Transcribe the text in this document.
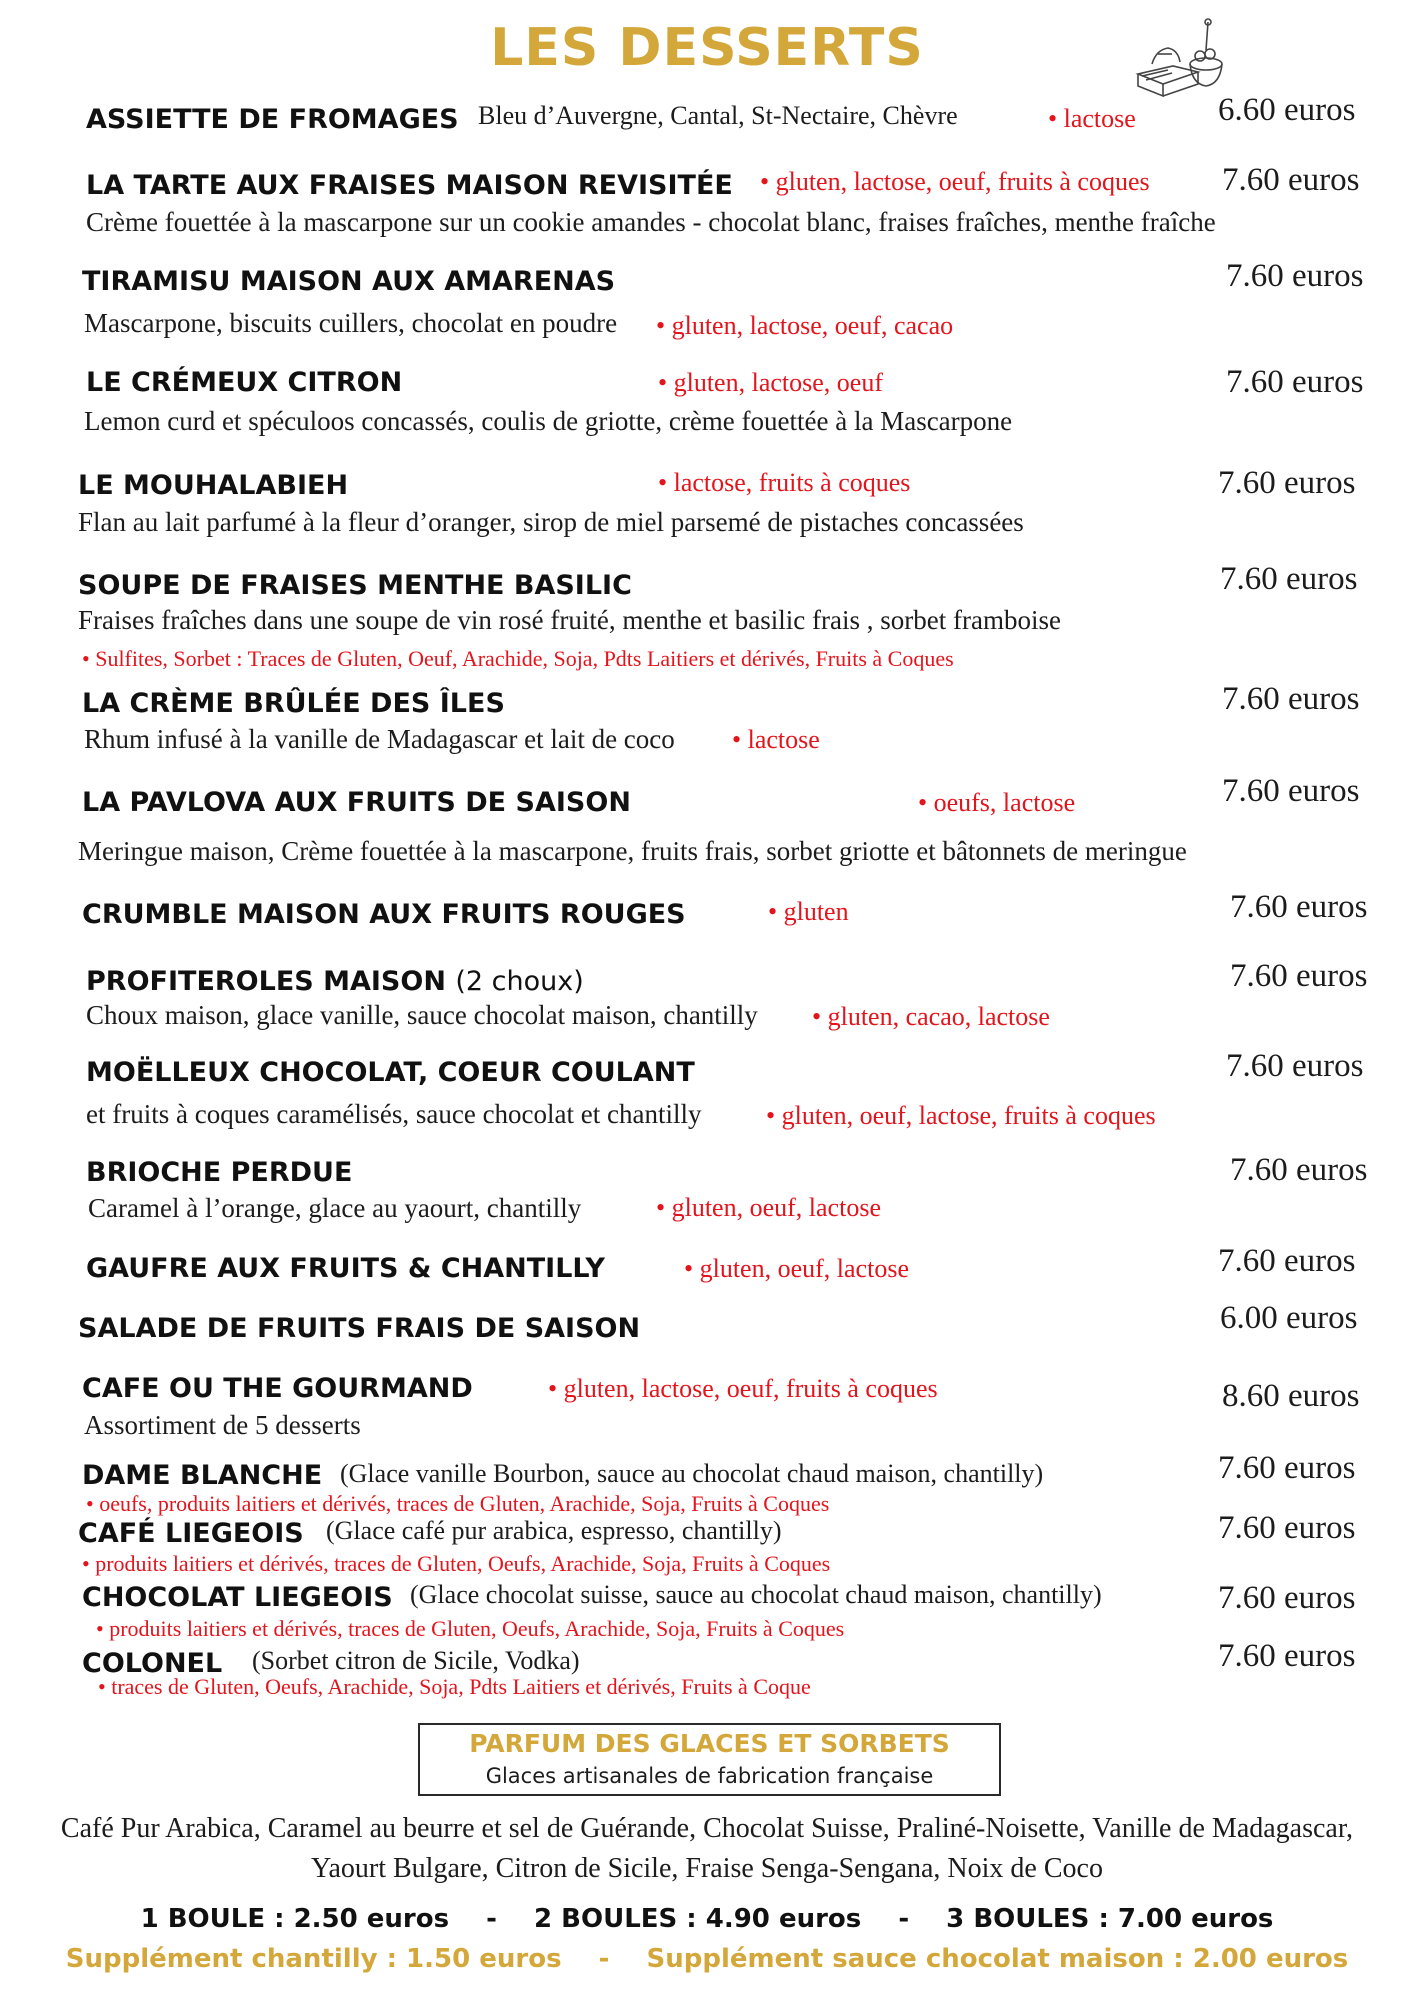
LES DESSERTS
ASSIETTE DE FROMAGES Bleu d’Auvergne, Cantal, St-Nectaire, Chèvre	• lactose 6.60 euros
LA TARTE AUX FRAISES MAISON REVISITÉE	• gluten, lactose, oeuf, fruits à coques 7.60 euros
Crème fouettée à la mascarpone sur un cookie amandes - chocolat blanc, fraises fraîches, menthe fraîche
TIRAMISU MAISON AUX AMARENAS	7.60 euros
Mascarpone, biscuits cuillers, chocolat en poudre	• gluten, lactose, oeuf, cacao
LE CRÉMEUX CITRON	• gluten, lactose, oeuf	7.60 euros
Lemon curd et spéculoos concassés, coulis de griotte, crème fouettée à la Mascarpone
LE MOUHALABIEH	• lactose, fruits à coques	7.60 euros
Flan au lait parfumé à la fleur d’oranger, sirop de miel parsemé de pistaches concassées
SOUPE DE FRAISES MENTHE BASILIC	7.60 euros
Fraises fraîches dans une soupe de vin rosé fruité, menthe et basilic frais , sorbet framboise
• Sulfites, Sorbet : Traces de Gluten, Oeuf, Arachide, Soja, Pdts Laitiers et dérivés, Fruits à Coques
LA CRÈME BRÛLÉE DES ÎLES	7.60 euros
Rhum infusé à la vanille de Madagascar et lait de coco	• lactose
LA PAVLOVA AUX FRUITS DE SAISON	• oeufs, lactose	7.60 euros
Meringue maison, Crème fouettée à la mascarpone, fruits frais, sorbet griotte et bâtonnets de meringue
CRUMBLE MAISON AUX FRUITS ROUGES	• gluten	7.60 euros
PROFITEROLES MAISON (2 choux)	7.60 euros
Choux maison, glace vanille, sauce chocolat maison, chantilly	• gluten, cacao, lactose
MOËLLEUX CHOCOLAT, COEUR COULANT	7.60 euros
et fruits à coques caramélisés, sauce chocolat et chantilly	• gluten, oeuf, lactose, fruits à coques
BRIOCHE PERDUE	7.60 euros
Caramel à l’orange, glace au yaourt, chantilly	• gluten, oeuf, lactose
GAUFRE AUX FRUITS & CHANTILLY	• gluten, oeuf, lactose	7.60 euros
SALADE DE FRUITS FRAIS DE SAISON	6.00 euros
CAFE OU THE GOURMAND	• gluten, lactose, oeuf, fruits à coques	8.60 euros
Assortiment de 5 desserts
DAME BLANCHE (Glace vanille Bourbon, sauce au chocolat chaud maison, chantilly)	7.60 euros
• oeufs, produits laitiers et dérivés, traces de Gluten, Arachide, Soja, Fruits à Coques
CAFÉ LIEGEOIS (Glace café pur arabica, espresso, chantilly)	7.60 euros
• produits laitiers et dérivés, traces de Gluten, Oeufs, Arachide, Soja, Fruits à Coques
CHOCOLAT LIEGEOIS (Glace chocolat suisse, sauce au chocolat chaud maison, chantilly)	7.60 euros
• produits laitiers et dérivés, traces de Gluten, Oeufs, Arachide, Soja, Fruits à Coques
COLONEL (Sorbet citron de Sicile, Vodka)	7.60 euros
• traces de Gluten, Oeufs, Arachide, Soja, Pdts Laitiers et dérivés, Fruits à Coque
PARFUM DES GLACES ET SORBETS
Glaces artisanales de fabrication française
Café Pur Arabica, Caramel au beurre et sel de Guérande, Chocolat Suisse, Praliné-Noisette, Vanille de Madagascar,
Yaourt Bulgare, Citron de Sicile, Fraise Senga-Sengana, Noix de Coco
1 BOULE : 2.50 euros - 2 BOULES : 4.90 euros - 3 BOULES : 7.00 euros
Supplément chantilly : 1.50 euros - Supplément sauce chocolat maison : 2.00 euros
